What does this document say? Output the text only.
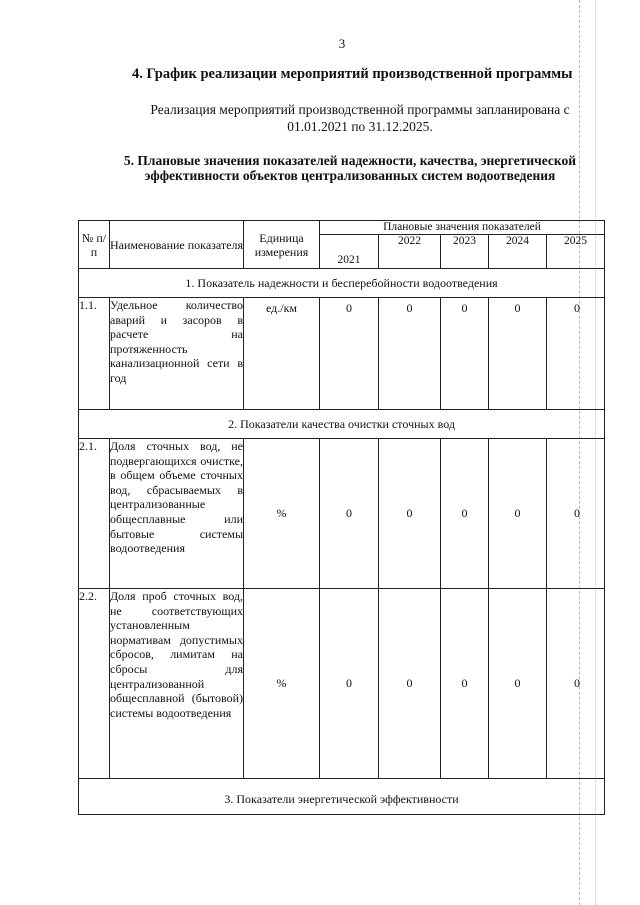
3
4. График реализации мероприятий производственной программы
Реализация мероприятий производственной программы запланирована с 01.01.2021 по 31.12.2025.
5. Плановые значения показателей надежности, качества, энергетической эффективности объектов централизованных систем водоотведения
№ п/п	Наименование показателя	Единица измерения	Плановые значения показателей				
			2021	2022	2023	2024	2025
1. Показатель надежности и бесперебойности водоотведения							
1.1.	Удельное количество аварий и засоров в расчете на протяженность канализационной сети в год	ед./км	0	0	0	0	0
2. Показатели качества очистки сточных вод							
2.1.	Доля сточных вод, не подвергающихся очистке, в общем объеме сточных вод, сбрасываемых в централизованные общесплавные или бытовые системы водоотведения	%	0	0	0	0	0
2.2.	Доля проб сточных вод, не соответствующих установленным нормативам допустимых сбросов, лимитам на сбросы для централизованной общесплавной (бытовой) системы водоотведения	%	0	0	0	0	0
3. Показатели энергетической эффективности							
